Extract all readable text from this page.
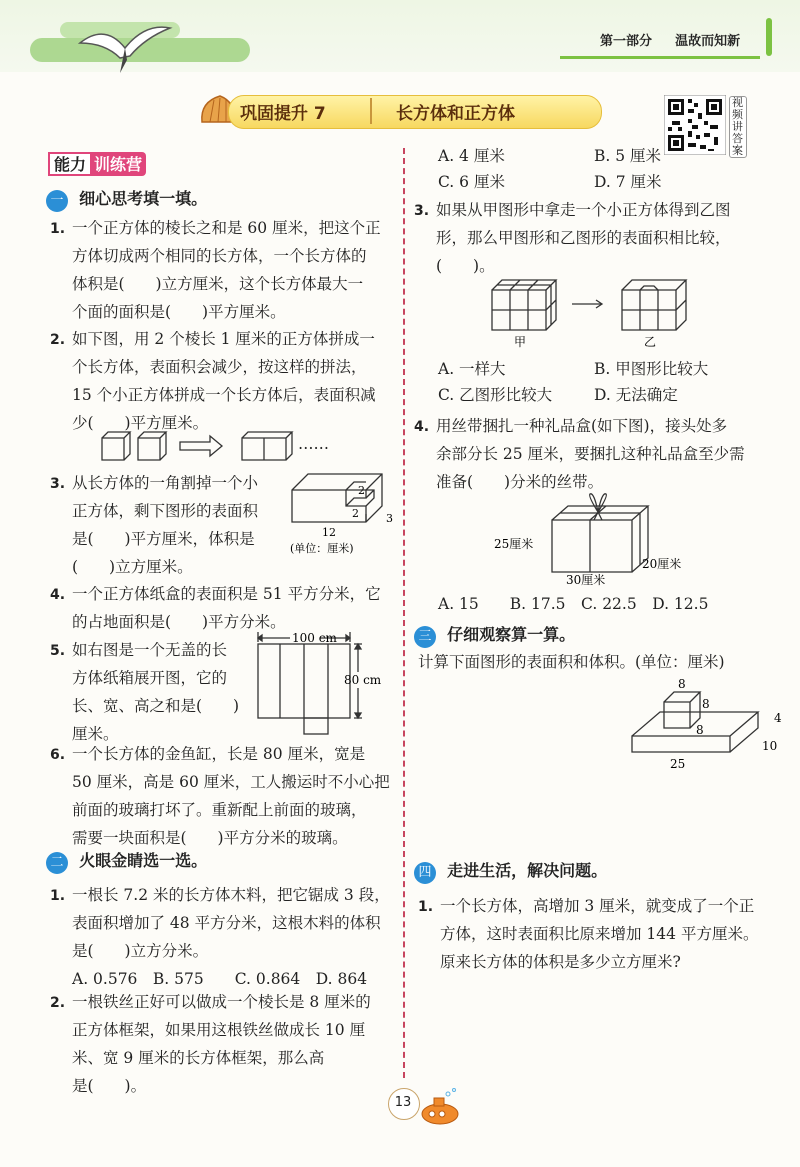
第一部分 温故而知新
巩固提升 7	长方体和正方体
视频讲答案
能力 训练营
一 细心思考填一填。
1. 一个正方体的棱长之和是 60 厘米，把这个正
方体切成两个相同的长方体，一个长方体的
体积是(　　)立方厘米，这个长方体最大一
个面的面积是(　　)平方厘米。
2. 如下图，用 2 个棱长 1 厘米的正方体拼成一
个长方体，表面积会减少，按这样的拼法，
15 个小正方体拼成一个长方体后，表面积减
少(　　)平方厘米。
……
3. 从长方体的一角割掉一个小
正方体，剩下图形的表面积
是(　　)平方厘米，体积是
(　　)立方厘米。
2
2 3
12
(单位：厘米)
4. 一个正方体纸盒的表面积是 51 平方分米，它
的占地面积是(　　)平方分米。
5. 如右图是一个无盖的长
方体纸箱展开图，它的
长、宽、高之和是(　　)
厘米。
100 cm
80 cm
6. 一个长方体的金鱼缸，长是 80 厘米，宽是
50 厘米，高是 60 厘米，工人搬运时不小心把
前面的玻璃打坏了。重新配上前面的玻璃，
需要一块面积是(　　)平方分米的玻璃。
二 火眼金睛选一选。
1. 一根长 7.2 米的长方体木料，把它锯成 3 段，
表面积增加了 48 平方分米，这根木料的体积
是(　　)立方分米。
A. 0.576　B. 575　　C. 0.864　D. 864
2. 一根铁丝正好可以做成一个棱长是 8 厘米的
正方体框架，如果用这根铁丝做成长 10 厘
米、宽 9 厘米的长方体框架，那么高
是(　　)。
A. 4 厘米	B. 5 厘米
C. 6 厘米	D. 7 厘米
3. 如果从甲图形中拿走一个小正方体得到乙图
形，那么甲图形和乙图形的表面积相比较，
(　　)。
甲	乙
A. 一样大	B. 甲图形比较大
C. 乙图形比较大	D. 无法确定
4. 用丝带捆扎一种礼品盒(如下图)，接头处多
余部分长 25 厘米，要捆扎这种礼品盒至少需
准备(　　)分米的丝带。
25厘米
30厘米
20厘米
A. 15　　B. 17.5　C. 22.5　D. 12.5
三 仔细观察算一算。
计算下面图形的表面积和体积。(单位：厘米)
8
8
8
4
10
25
四 走进生活，解决问题。
1. 一个长方体，高增加 3 厘米，就变成了一个正
方体，这时表面积比原来增加 144 平方厘米。
原来长方体的体积是多少立方厘米?
13
